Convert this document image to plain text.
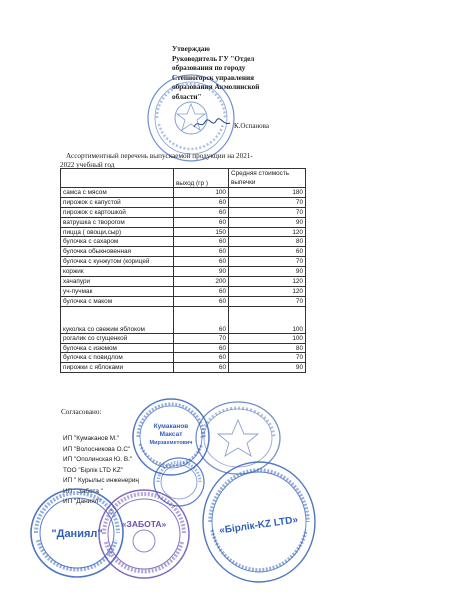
Утверждаю
Руководитель ГУ "Отдел
образования по городу
Степногорск управления
образования Акмолинской
области"
К.Оспанова
Ассортиментный перечень выпускаемой продукции на 2021-
2022 учебный год
	выход (гр )	Средняя стоимость
выпечки

самса с мясом	100	180
пирожок с капустой	60	70
пирожок с картошкой	60	70
ватрушка с творогом	60	90
пицца ( овощи,сыр)	150	120
булочка с сахаром	60	80
булочка обыкновенная	60	60
булочка с кунжутом (корицей	60	70
коржик	90	90
хачапури	200	120
уч-пучмак	60	120
булочка с маком	60	70
куколка со свежим яблоком	60	100
рогалик со сгущенкой	70	100
булочка с изюмом	60	80
булочка с повидлом	60	70
пирожки с яблоками	60	90
Согласовано:
ИП "Кумаканов М."
ИП "Волосникова О.С"
ИП "Ополинская Ю. В."
ТОО "Бірлік LTD KZ"
ИП " Курылыс инженериң
ИП " Забота "
ИП "Даниял"
Кумаканов
Максат
Мирзахметович
«Бірлік-KZ LTD»
"Даниял"
«ЗАБОТА»
